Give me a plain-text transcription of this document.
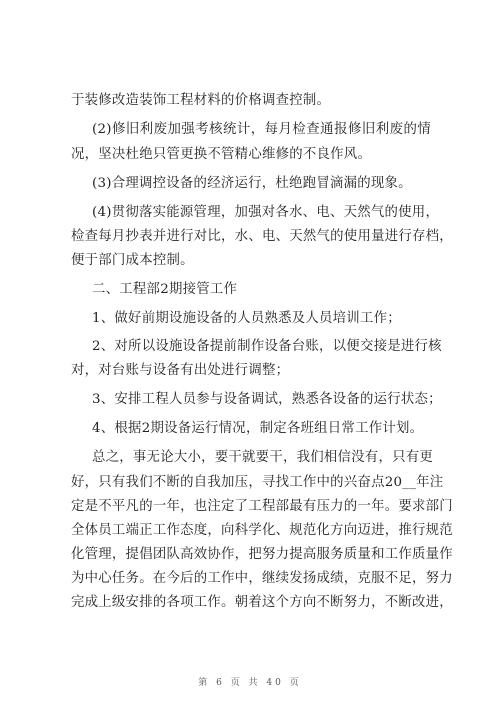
于装修改造装饰工程材料的价格调查控制。
(2)修旧利废加强考核统计，每月检查通报修旧利废的情
况，坚决杜绝只管更换不管精心维修的不良作风。
(3)合理调控设备的经济运行，杜绝跑冒滴漏的现象。
(4)贯彻落实能源管理，加强对各水、电、天然气的使用，
检查每月抄表并进行对比，水、电、天然气的使用量进行存档，
便于部门成本控制。
二、工程部2期接管工作
1、做好前期设施设备的人员熟悉及人员培训工作；
2、对所以设施设备提前制作设备台账，以便交接是进行核
对，对台账与设备有出处进行调整；
3、安排工程人员参与设备调试，熟悉各设备的运行状态；
4、根据2期设备运行情况，制定各班组日常工作计划。
总之，事无论大小，要干就要干，我们相信没有，只有更
好，只有我们不断的自我加压，寻找工作中的兴奋点20__年注
定是不平凡的一年，也注定了工程部最有压力的一年。要求部门
全体员工端正工作态度，向科学化、规范化方向迈进，推行规范
化管理，提倡团队高效协作，把努力提高服务质量和工作质量作
为中心任务。在今后的工作中，继续发扬成绩，克服不足，努力
完成上级安排的各项工作。朝着这个方向不断努力，不断改进，
第 6 页 共 40 页
